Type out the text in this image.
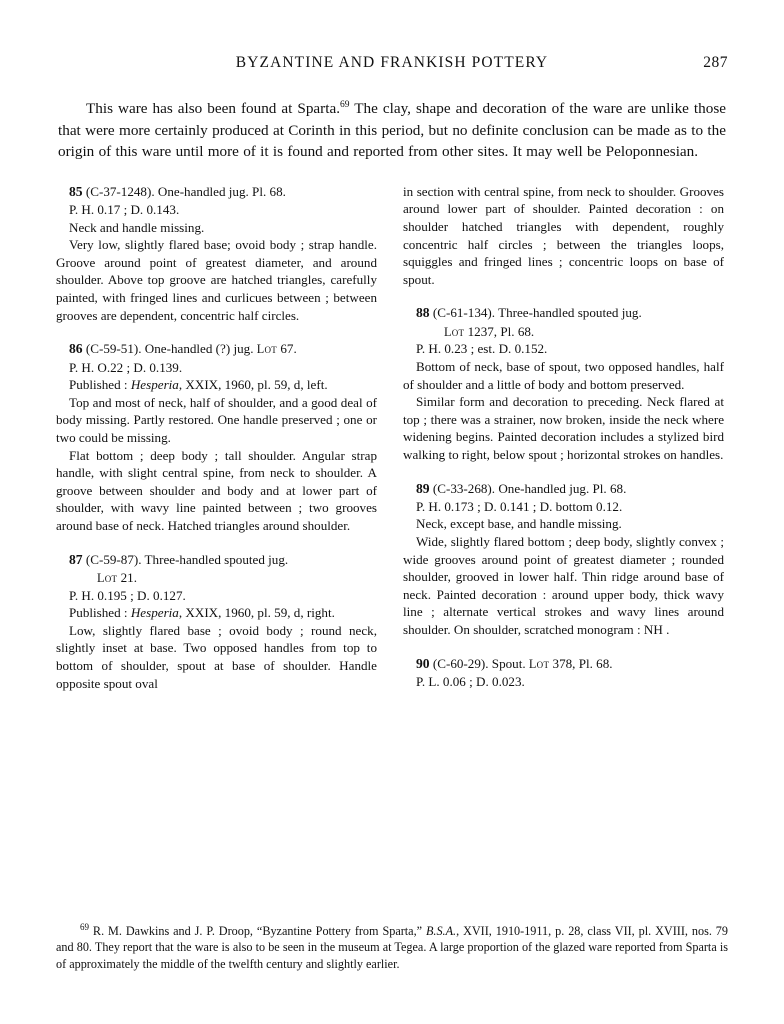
BYZANTINE AND FRANKISH POTTERY	287

This ware has also been found at Sparta.$^{69}$ The clay, shape and decoration of the ware are unlike those that were more certainly produced at Corinth in this period, but no definite conclusion can be made as to the origin of this ware until more of it is found and reported from other sites. It may well be Peloponnesian.

85 (C-37-1248). One-handled jug. Pl. 68.

P. H. 0.17 ; D. 0.143.

Neck and handle missing.

Very low, slightly flared base; ovoid body ; strap handle. Groove around point of greatest diameter, and around shoulder. Above top groove are hatched triangles, carefully painted, with fringed lines and curlicues between ; between grooves are dependent, concentric half circles.

86 (C-59-51). One-handled (?) jug. Lot 67.

P. H. O.22 ; D. 0.139.

Published : Hesperia, XXIX, 1960, pl. 59, d, left.

Top and most of neck, half of shoulder, and a good deal of body missing. Partly restored. One handle preserved ; one or two could be missing.

Flat bottom ; deep body ; tall shoulder. Angular strap handle, with slight central spine, from neck to shoulder. A groove between shoulder and body and at lower part of shoulder, with wavy line painted between ; two grooves around base of neck. Hatched triangles around shoulder.

87 (C-59-87). Three-handled spouted jug.
Lot 21.

P. H. 0.195 ; D. 0.127.

Published : Hesperia, XXIX, 1960, pl. 59, d, right.

Low, slightly flared base ; ovoid body ; round neck, slightly inset at base. Two opposed handles from top to bottom of shoulder, spout at base of shoulder. Handle opposite spout oval

in section with central spine, from neck to shoulder. Grooves around lower part of shoulder. Painted decoration : on shoulder hatched triangles with dependent, roughly concentric half circles ; between the triangles loops, squiggles and fringed lines ; concentric loops on base of spout.

88 (C-61-134). Three-handled spouted jug.
Lot 1237, Pl. 68.

P. H. 0.23 ; est. D. 0.152.

Bottom of neck, base of spout, two opposed handles, half of shoulder and a little of body and bottom preserved.

Similar form and decoration to preceding. Neck flared at top ; there was a strainer, now broken, inside the neck where widening begins. Painted decoration includes a stylized bird walking to right, below spout ; horizontal strokes on handles.

89 (C-33-268). One-handled jug. Pl. 68.

P. H. 0.173 ; D. 0.141 ; D. bottom 0.12.

Neck, except base, and handle missing.

Wide, slightly flared bottom ; deep body, slightly convex ; wide grooves around point of greatest diameter ; rounded shoulder, grooved in lower half. Thin ridge around base of neck. Painted decoration : around upper body, thick wavy line ; alternate vertical strokes and wavy lines around shoulder. On shoulder, scratched monogram : NH .

90 (C-60-29). Spout. Lot 378, Pl. 68.

P. L. 0.06 ; D. 0.023.

$^{69}$ R. M. Dawkins and J. P. Droop, “Byzantine Pottery from Sparta,” B.S.A., XVII, 1910-1911, p. 28, class VII, pl. XVIII, nos. 79 and 80. They report that the ware is also to be seen in the museum at Tegea. A large proportion of the glazed ware reported from Sparta is of approximately the middle of the twelfth century and slightly earlier.
